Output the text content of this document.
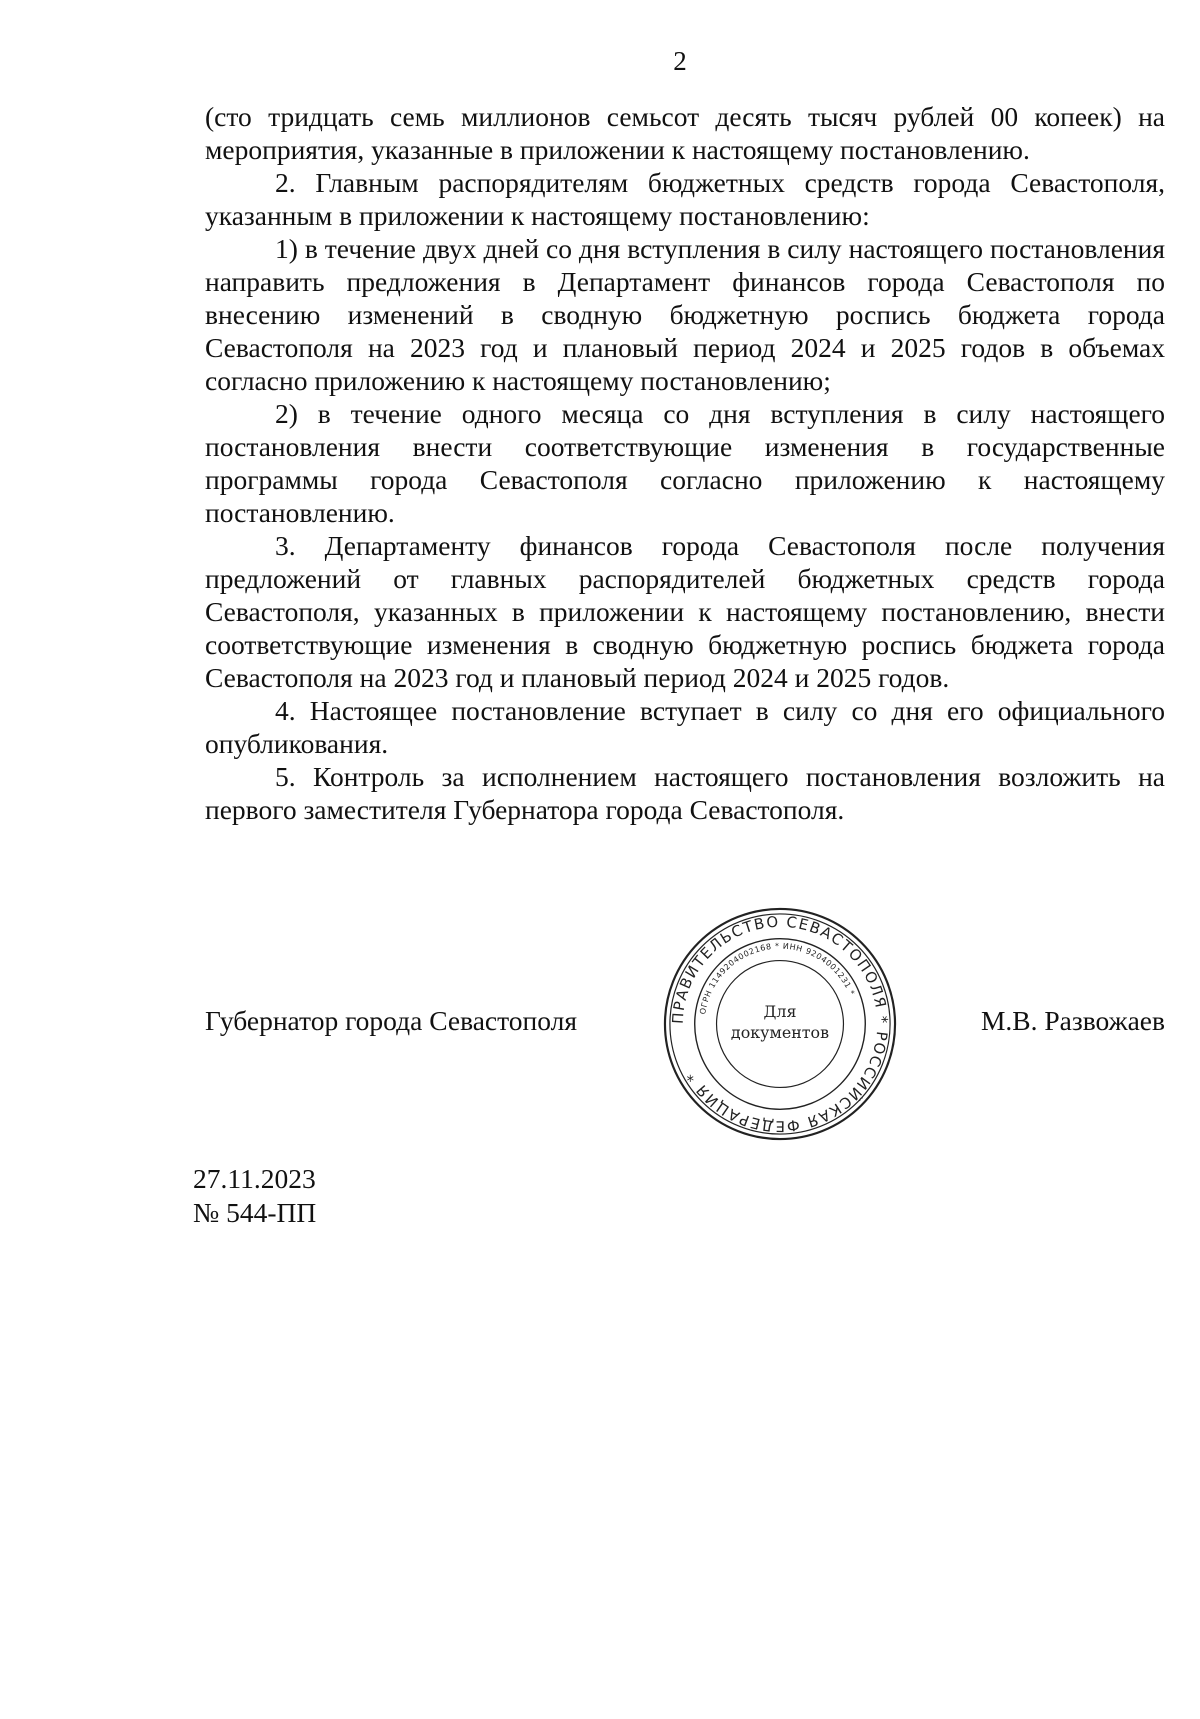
2

(сто тридцать семь миллионов семьсот десять тысяч рублей 00 копеек) на мероприятия, указанные в приложении к настоящему постановлению.

2. Главным распорядителям бюджетных средств города Севастополя, указанным в приложении к настоящему постановлению:

1) в течение двух дней со дня вступления в силу настоящего постановления направить предложения в Департамент финансов города Севастополя по внесению изменений в сводную бюджетную роспись бюджета города Севастополя на 2023 год и плановый период 2024 и 2025 годов в объемах согласно приложению к настоящему постановлению;

2) в течение одного месяца со дня вступления в силу настоящего постановления внести соответствующие изменения в государственные программы города Севастополя согласно приложению к настоящему постановлению.

3. Департаменту финансов города Севастополя после получения предложений от главных распорядителей бюджетных средств города Севастополя, указанных в приложении к настоящему постановлению, внести соответствующие изменения в сводную бюджетную роспись бюджета города Севастополя на 2023 год и плановый период 2024 и 2025 годов.

4. Настоящее постановление вступает в силу со дня его официального опубликования.

5. Контроль за исполнением настоящего постановления возложить на первого заместителя Губернатора города Севастополя.

Губернатор города Севастополя	М.В. Развожаев
ПРАВИТЕЛЬСТВО СЕВАСТОПОЛЯ * РОССИЙСКАЯ ФЕДЕРАЦИЯ *
ОГРН 1149204002168 * ИНН 9204001231 *
Для
документов
27.11.2023
№ 544-ПП
